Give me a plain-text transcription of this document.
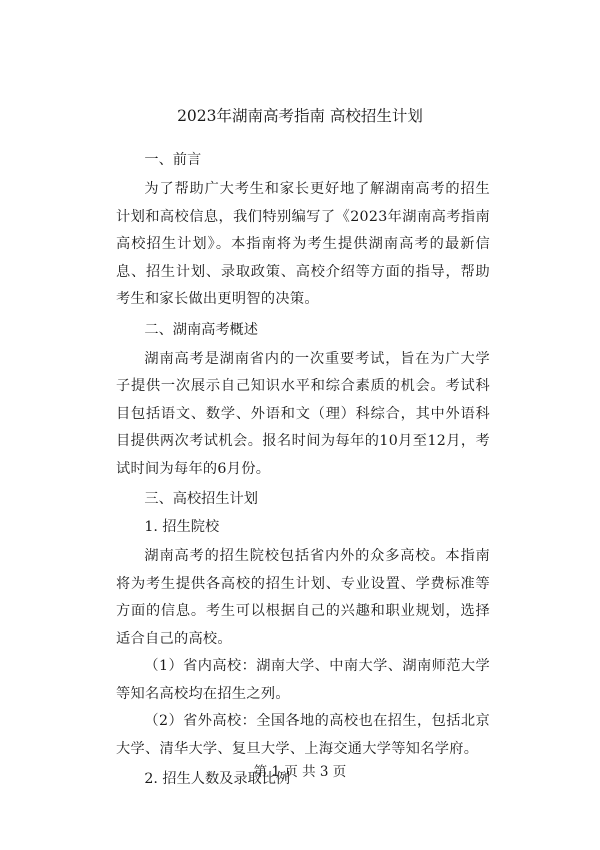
2023年湖南高考指南 高校招生计划
一、前言

为了帮助广大考生和家长更好地了解湖南高考的招生计划和高校信息，我们特别编写了《2023年湖南高考指南 高校招生计划》。本指南将为考生提供湖南高考的最新信息、招生计划、录取政策、高校介绍等方面的指导，帮助考生和家长做出更明智的决策。

二、湖南高考概述

湖南高考是湖南省内的一次重要考试，旨在为广大学子提供一次展示自己知识水平和综合素质的机会。考试科目包括语文、数学、外语和文（理）科综合，其中外语科目提供两次考试机会。报名时间为每年的10月至12月，考试时间为每年的6月份。

三、高校招生计划
1. 招生院校

湖南高考的招生院校包括省内外的众多高校。本指南将为考生提供各高校的招生计划、专业设置、学费标准等方面的信息。考生可以根据自己的兴趣和职业规划，选择适合自己的高校。

（1）省内高校：湖南大学、中南大学、湖南师范大学等知名高校均在招生之列。

（2）省外高校：全国各地的高校也在招生，包括北京大学、清华大学、复旦大学、上海交通大学等知名学府。

2. 招生人数及录取比例
第 1 页 共 3 页
